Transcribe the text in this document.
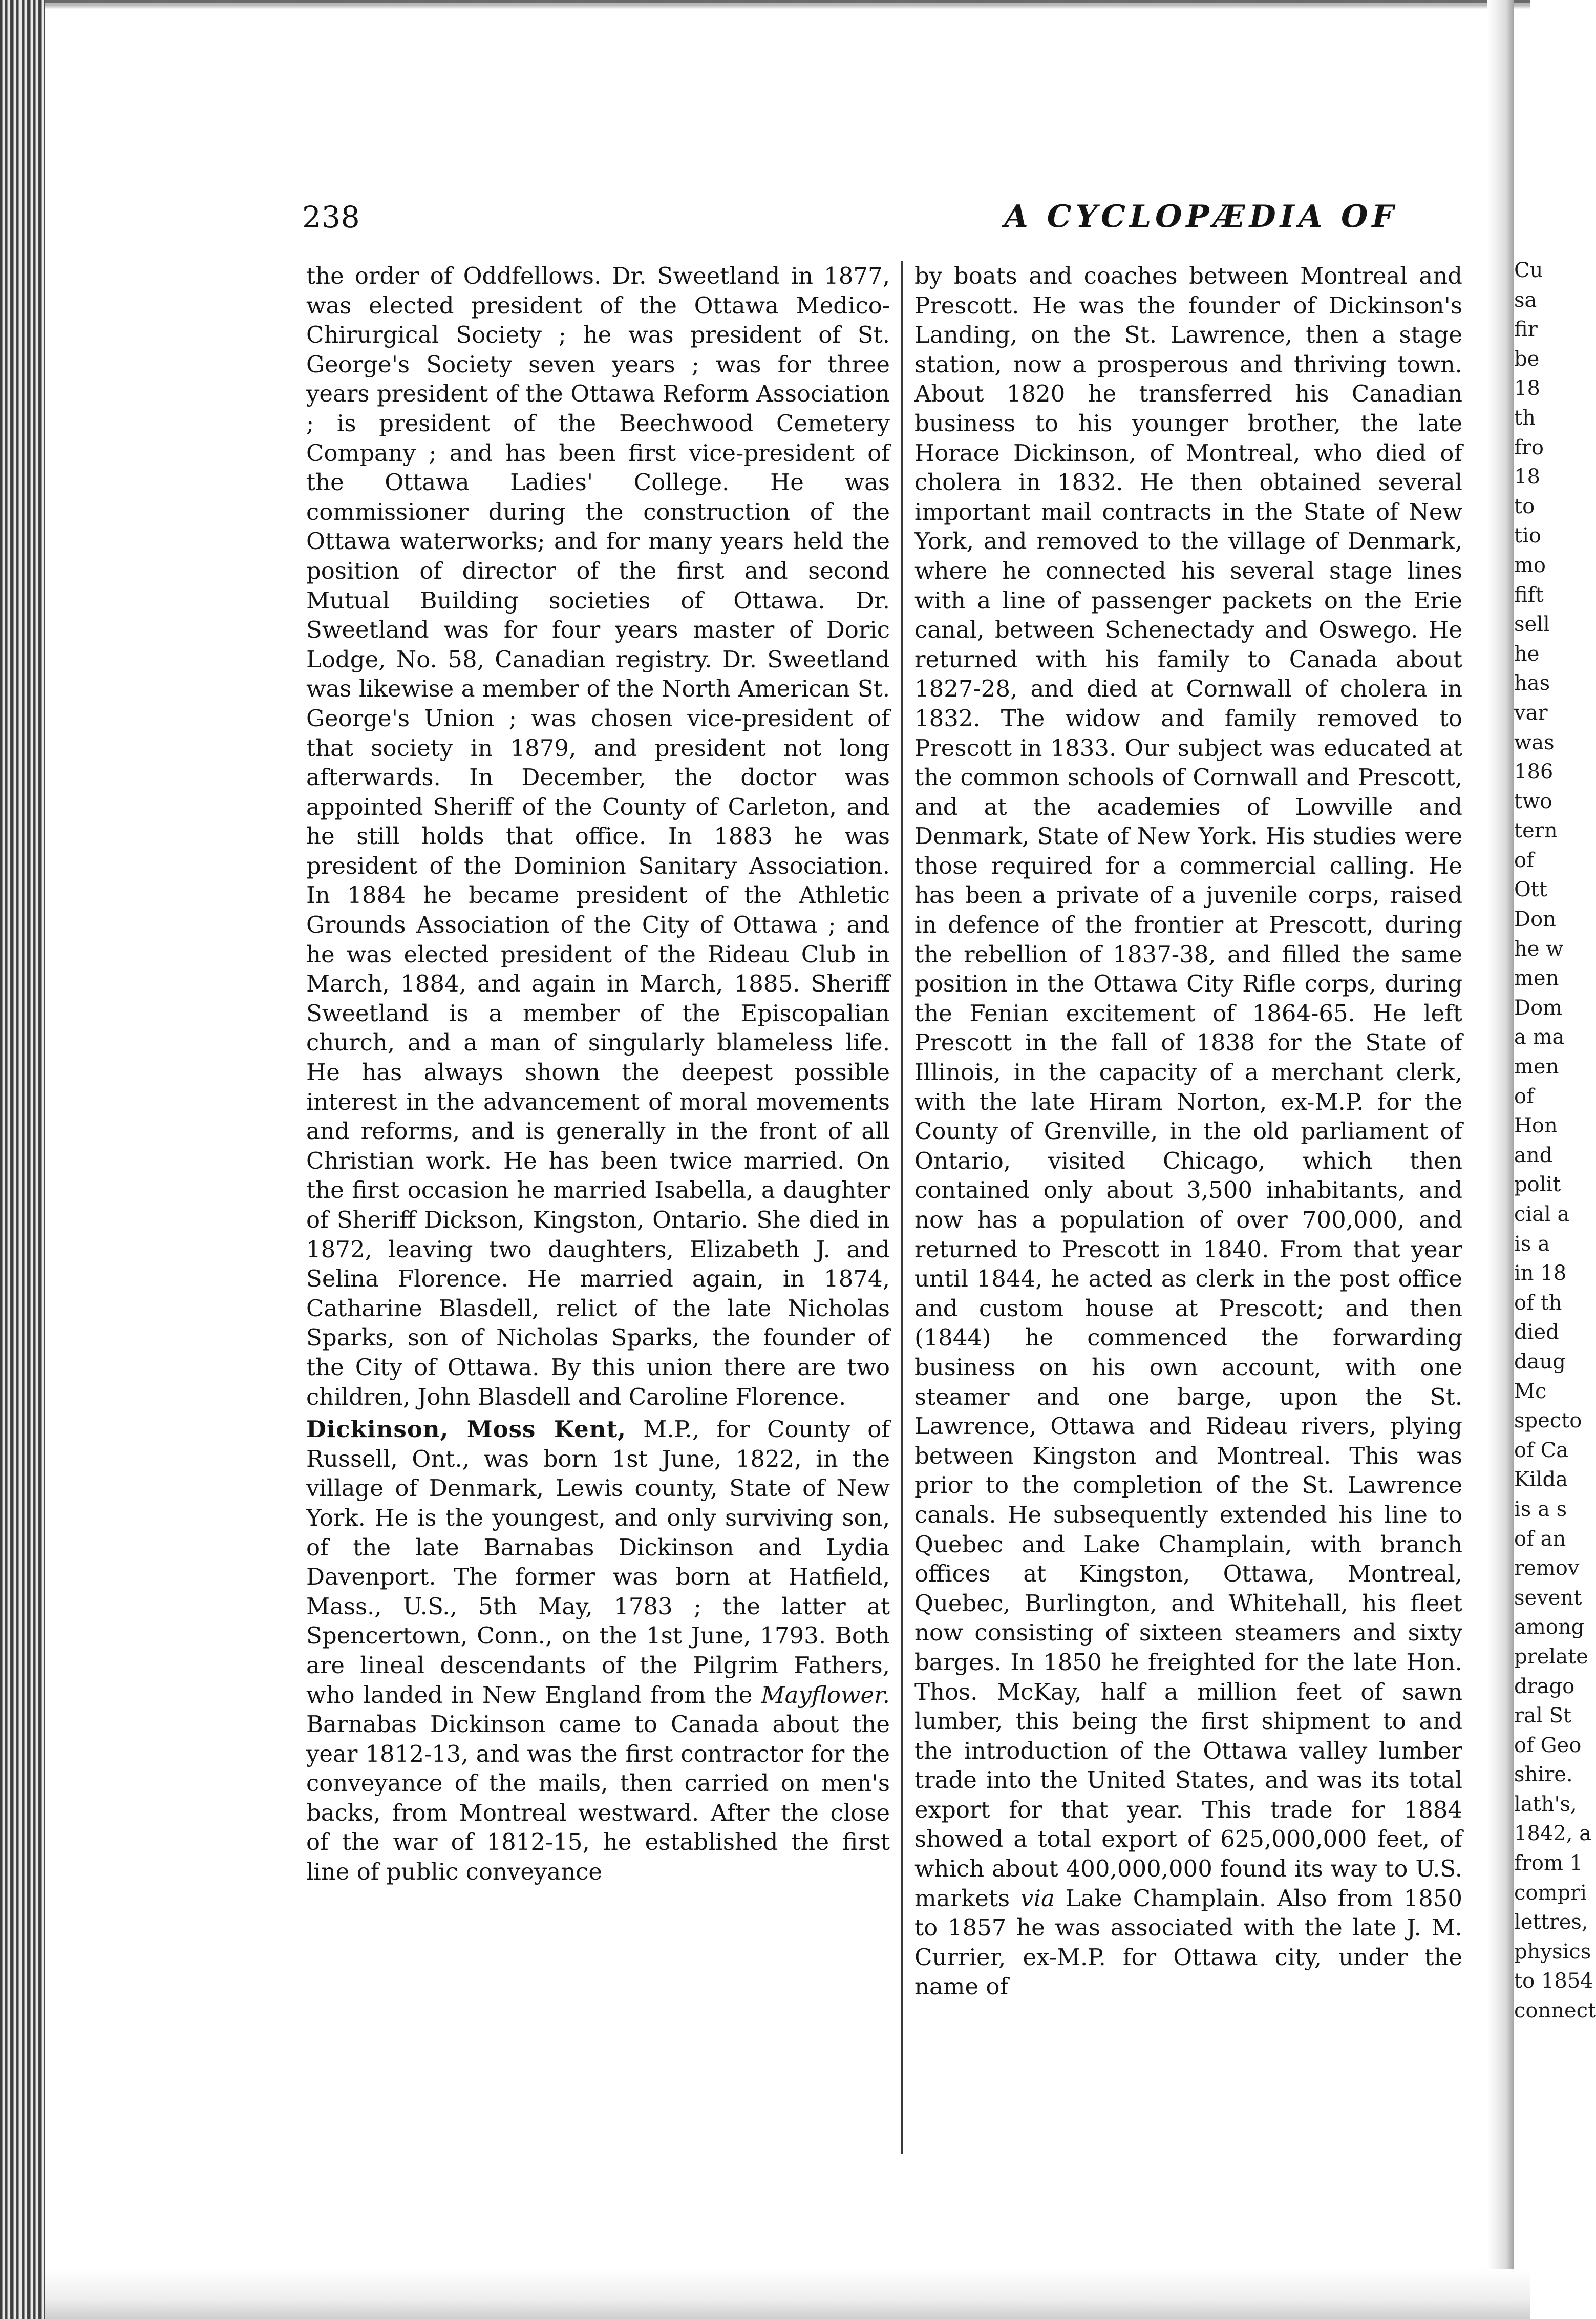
238	A CYCLOPÆDIA OF

the order of Oddfellows. Dr. Sweetland in 1877, was elected president of the Ottawa Medico-Chirurgical Society ; he was president of St. George's Society seven years ; was for three years president of the Ottawa Reform Association ; is president of the Beechwood Cemetery Company ; and has been first vice-president of the Ottawa Ladies' College. He was commissioner during the construction of the Ottawa waterworks; and for many years held the position of director of the first and second Mutual Building societies of Ottawa. Dr. Sweetland was for four years master of Doric Lodge, No. 58, Canadian registry. Dr. Sweetland was likewise a member of the North American St. George's Union ; was chosen vice-president of that society in 1879, and president not long afterwards. In December, the doctor was appointed Sheriff of the County of Carleton, and he still holds that office. In 1883 he was president of the Dominion Sanitary Association. In 1884 he became president of the Athletic Grounds Association of the City of Ottawa ; and he was elected president of the Rideau Club in March, 1884, and again in March, 1885. Sheriff Sweetland is a member of the Episcopalian church, and a man of singularly blameless life. He has always shown the deepest possible interest in the advancement of moral movements and reforms, and is generally in the front of all Christian work. He has been twice married. On the first occasion he married Isabella, a daughter of Sheriff Dickson, Kingston, Ontario. She died in 1872, leaving two daughters, Elizabeth J. and Selina Florence. He married again, in 1874, Catharine Blasdell, relict of the late Nicholas Sparks, son of Nicholas Sparks, the founder of the City of Ottawa. By this union there are two children, John Blasdell and Caroline Florence.

Dickinson, Moss Kent, M.P., for County of Russell, Ont., was born 1st June, 1822, in the village of Denmark, Lewis county, State of New York. He is the youngest, and only surviving son, of the late Barnabas Dickinson and Lydia Davenport. The former was born at Hatfield, Mass., U.S., 5th May, 1783 ; the latter at Spencertown, Conn., on the 1st June, 1793. Both are lineal descendants of the Pilgrim Fathers, who landed in New England from the Mayflower. Barnabas Dickinson came to Canada about the year 1812-13, and was the first contractor for the conveyance of the mails, then carried on men's backs, from Montreal westward. After the close of the war of 1812-15, he established the first line of public conveyance

by boats and coaches between Montreal and Prescott. He was the founder of Dickinson's Landing, on the St. Lawrence, then a stage station, now a prosperous and thriving town. About 1820 he transferred his Canadian business to his younger brother, the late Horace Dickinson, of Montreal, who died of cholera in 1832. He then obtained several important mail contracts in the State of New York, and removed to the village of Denmark, where he connected his several stage lines with a line of passenger packets on the Erie canal, between Schenectady and Oswego. He returned with his family to Canada about 1827-28, and died at Cornwall of cholera in 1832. The widow and family removed to Prescott in 1833. Our subject was educated at the common schools of Cornwall and Prescott, and at the academies of Lowville and Denmark, State of New York. His studies were those required for a commercial calling. He has been a private of a juvenile corps, raised in defence of the frontier at Prescott, during the rebellion of 1837-38, and filled the same position in the Ottawa City Rifle corps, during the Fenian excitement of 1864-65. He left Prescott in the fall of 1838 for the State of Illinois, in the capacity of a merchant clerk, with the late Hiram Norton, ex-M.P. for the County of Grenville, in the old parliament of Ontario, visited Chicago, which then contained only about 3,500 inhabitants, and now has a population of over 700,000, and returned to Prescott in 1840. From that year until 1844, he acted as clerk in the post office and custom house at Prescott; and then (1844) he commenced the forwarding business on his own account, with one steamer and one barge, upon the St. Lawrence, Ottawa and Rideau rivers, plying between Kingston and Montreal. This was prior to the completion of the St. Lawrence canals. He subsequently extended his line to Quebec and Lake Champlain, with branch offices at Kingston, Ottawa, Montreal, Quebec, Burlington, and Whitehall, his fleet now consisting of sixteen steamers and sixty barges. In 1850 he freighted for the late Hon. Thos. McKay, half a million feet of sawn lumber, this being the first shipment to and the introduction of the Ottawa valley lumber trade into the United States, and was its total export for that year. This trade for 1884 showed a total export of 625,000,000 feet, of which about 400,000,000 found its way to U.S. markets via Lake Champlain. Also from 1850 to 1857 he was associated with the late J. M. Currier, ex-M.P. for Ottawa city, under the name of

Cu
sa
fir
be
18
th
fro
18
to
tio
mo
fift
sell
he
has
var
was
186
two
tern
of
Ott
Don
he w
men
Dom
a ma
men
of
Hon
and
polit
cial a
is a
in 18
of th
died
daug
Mc
specto
of Ca
Kilda
is a s
of an
remov
sevent
among
prelate
drago
ral St
of Geo
shire.
lath's,
1842, a
from 1
compri
lettres,
physics
to 1854
connect
